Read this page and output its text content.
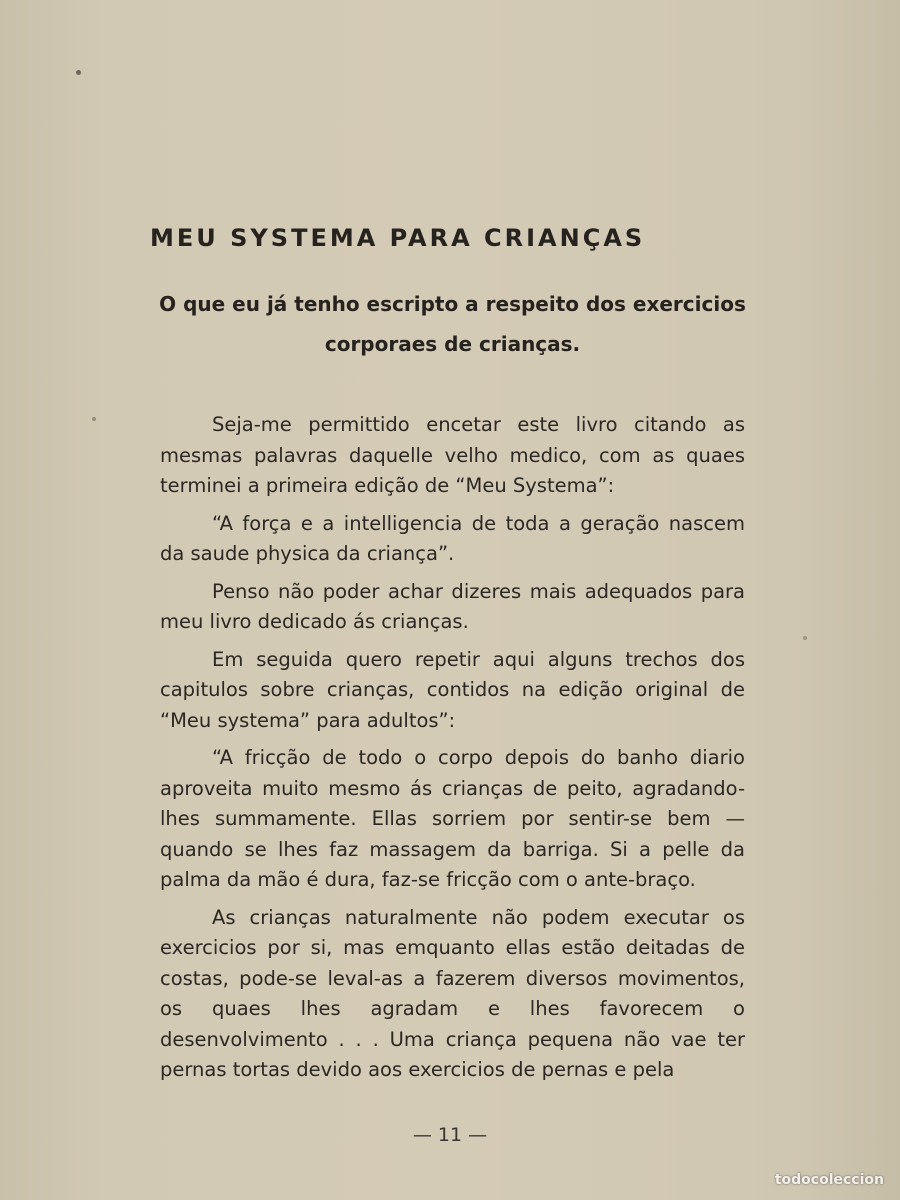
MEU SYSTEMA PARA CRIANÇAS
O que eu já tenho escripto a respeito dos exercicios corporaes de crianças.

Seja-me permittido encetar este livro citando as mesmas palavras daquelle velho medico, com as quaes terminei a primeira edição de “Meu Systema”:

“A força e a intelligencia de toda a geração nascem da saude physica da criança”.

Penso não poder achar dizeres mais adequados para meu livro dedicado ás crianças.

Em seguida quero repetir aqui alguns trechos dos capitulos sobre crianças, contidos na edição original de “Meu systema” para adultos”:

“A fricção de todo o corpo depois do banho diario aproveita muito mesmo ás crianças de peito, agradando-lhes summamente. Ellas sorriem por sentir-se bem — quando se lhes faz massagem da barriga. Si a pelle da palma da mão é dura, faz-se fricção com o ante-braço.

As crianças naturalmente não podem executar os exercicios por si, mas emquanto ellas estão deitadas de costas, pode-se leval-as a fazerem diversos movimentos, os quaes lhes agradam e lhes favorecem o desenvolvimento . . . Uma criança pequena não vae ter pernas tortas devido aos exercicios de pernas e pela

— 11 —
todocoleccion
